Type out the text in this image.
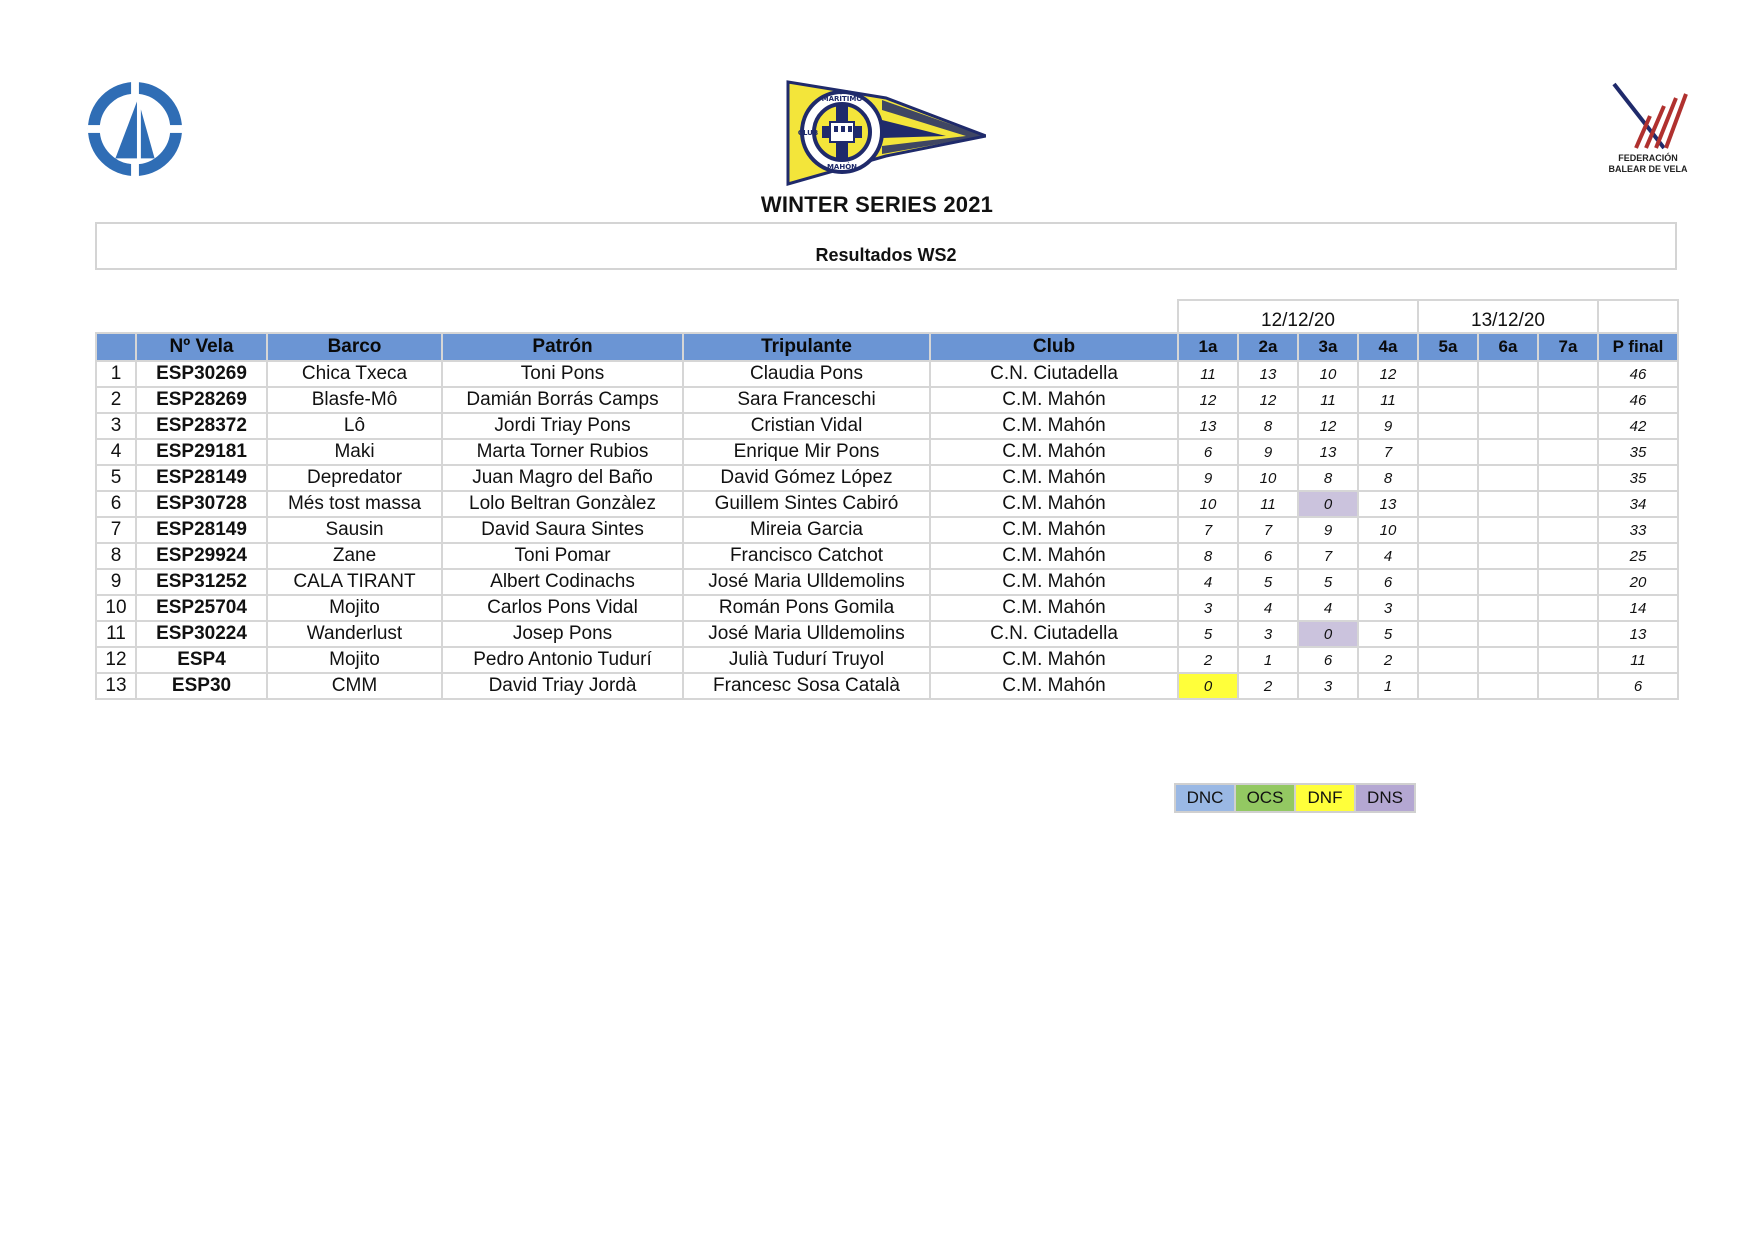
MARÍTIMO
CLUB
MAHÓN
FEDERACIÓN
BALEAR DE VELA
WINTER SERIES 2021
Resultados WS2
						12/12/20				13/12/20			
	Nº Vela	Barco	Patrón	Tripulante	Club	1a	2a	3a	4a	5a	6a	7a	P final
1	ESP30269	Chica Txeca	Toni Pons	Claudia Pons	C.N. Ciutadella	11	13	10	12				46
2	ESP28269	Blasfe-Mô	Damián Borrás Camps	Sara Franceschi	C.M. Mahón	12	12	11	11				46
3	ESP28372	Lô	Jordi Triay Pons	Cristian Vidal	C.M. Mahón	13	8	12	9				42
4	ESP29181	Maki	Marta Torner Rubios	Enrique Mir Pons	C.M. Mahón	6	9	13	7				35
5	ESP28149	Depredator	Juan Magro del Baño	David Gómez López	C.M. Mahón	9	10	8	8				35
6	ESP30728	Més tost massa	Lolo Beltran Gonzàlez	Guillem Sintes Cabiró	C.M. Mahón	10	11	0	13				34
7	ESP28149	Sausin	David Saura Sintes	Mireia Garcia	C.M. Mahón	7	7	9	10				33
8	ESP29924	Zane	Toni Pomar	Francisco Catchot	C.M. Mahón	8	6	7	4				25
9	ESP31252	CALA TIRANT	Albert Codinachs	José Maria Ulldemolins	C.M. Mahón	4	5	5	6				20
10	ESP25704	Mojito	Carlos Pons Vidal	Román Pons Gomila	C.M. Mahón	3	4	4	3				14
11	ESP30224	Wanderlust	Josep Pons	José Maria Ulldemolins	C.N. Ciutadella	5	3	0	5				13
12	ESP4	Mojito	Pedro Antonio Tudurí	Julià Tudurí Truyol	C.M. Mahón	2	1	6	2				11
13	ESP30	CMM	David Triay Jordà	Francesc Sosa Català	C.M. Mahón	0	2	3	1				6
DNC	OCS	DNF	DNS
